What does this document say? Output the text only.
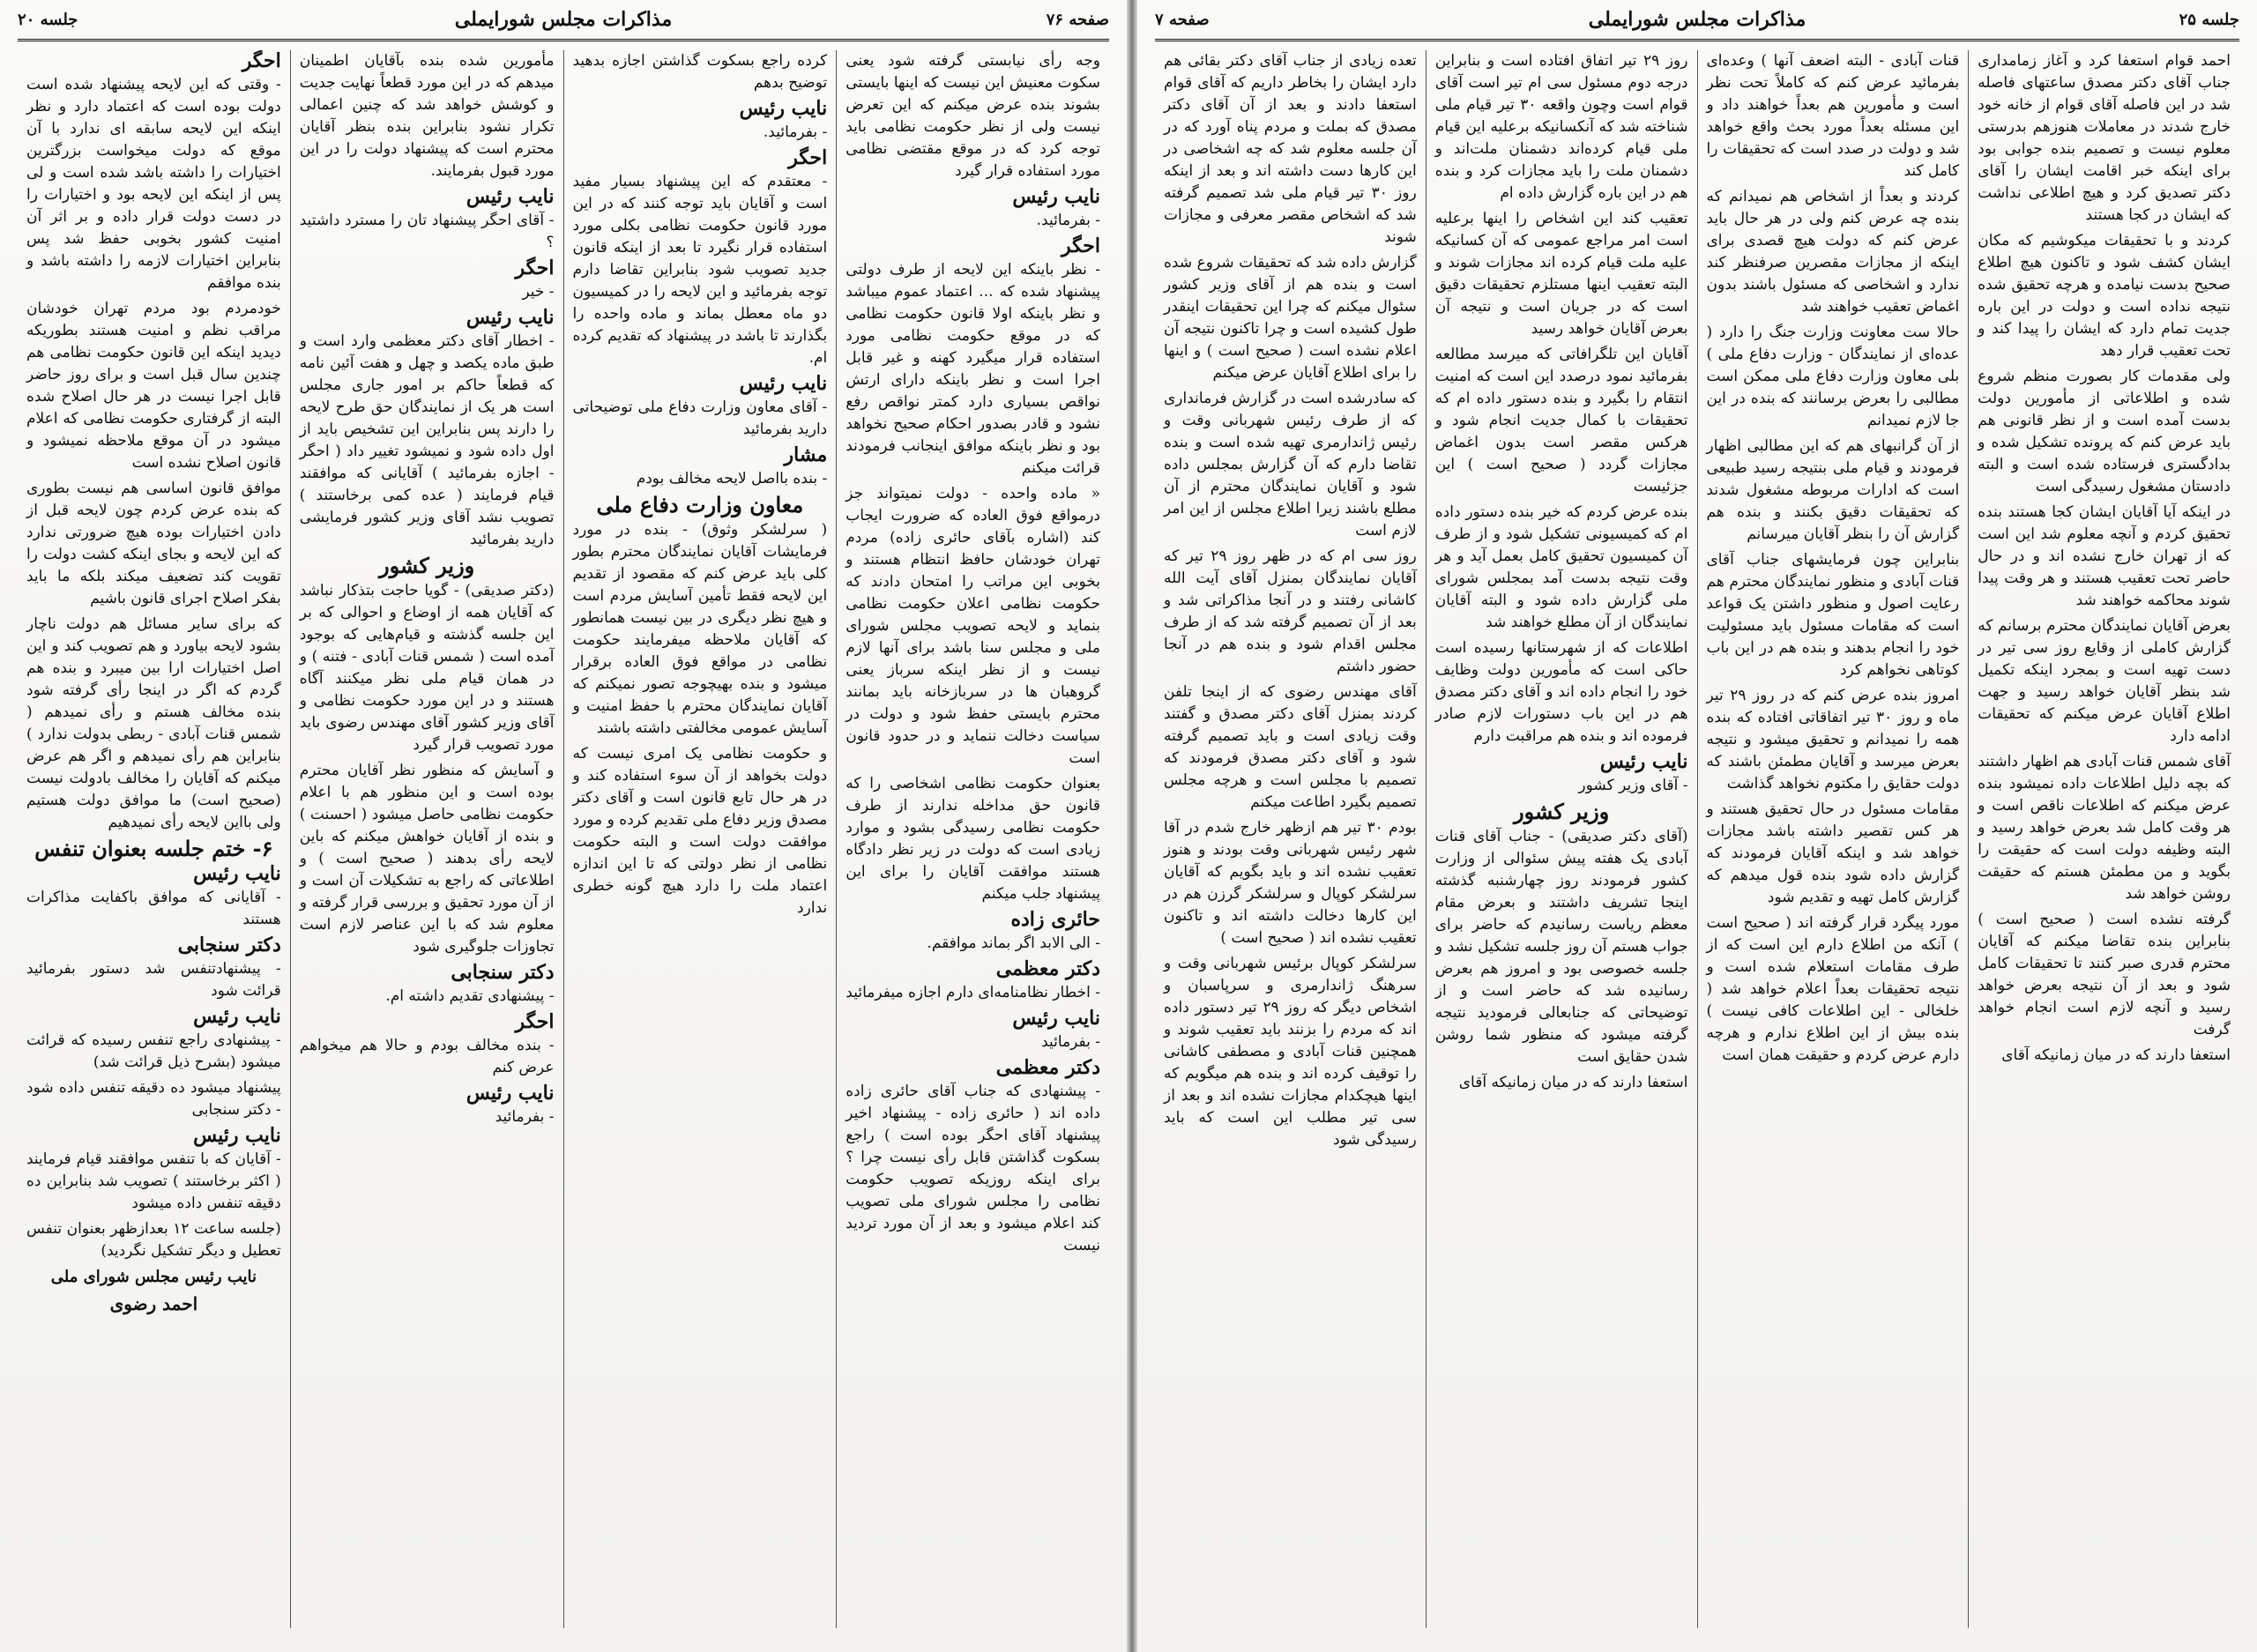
صفحه ۷۶
مذاکرات مجلس شورایملی
جلسه ۲۰

وجه رأی نیابستی گرفته شود یعنی سکوت معنیش این نیست که اینها بایستی بشوند بنده عرض میکنم که این تعرض نیست ولی از نظر حکومت نظامی باید توجه کرد که در موقع مقتضی نظامی مورد استفاده قرار گیرد

نایب رئیس

- بفرمائید.

احگر

- نظر باینکه این لایحه از طرف دولتی پیشنهاد شده که ... اعتماد عموم میباشد و نظر باینکه اولا قانون حکومت نظامی که در موقع حکومت نظامی مورد استفاده قرار میگیرد کهنه و غیر قابل اجرا است و نظر باینکه دارای ارتش نواقص بسیاری دارد کمتر نواقص رفع نشود و قادر بصدور احکام صحیح نخواهد بود و نظر باینکه موافق اینجانب فرمودند قرائت میکنم

« ماده واحده - دولت نمیتواند جز درمواقع فوق العاده که ضرورت ایجاب کند (اشاره بآقای حائری زاده) مردم تهران خودشان حافظ انتظام هستند و بخوبی این مراتب را امتحان دادند که حکومت نظامی اعلان حکومت نظامی بنماید و لایحه تصویب مجلس شورای ملی و مجلس سنا باشد برای آنها لازم نیست و از نظر اینکه سرباز یعنی گروهبان ها در سربازخانه باید بمانند محترم بایستی حفظ شود و دولت در سیاست دخالت ننماید و در حدود قانون است

بعنوان حکومت نظامی اشخاصی را که قانون حق مداخله ندارند از طرف حکومت نظامی رسیدگی بشود و موارد زیادی است که دولت در زیر نظر دادگاه هستند موافقت آقایان را برای این پیشنهاد جلب میکنم

حائری زاده

- الی الابد اگر بماند موافقم.

دکتر معظمی

- اخطار نظامنامه‌ای دارم اجازه میفرمائید

نایب رئیس

- بفرمائید

دکتر معظمی

- پیشنهادی که جناب آقای حائری زاده داده اند ( حائری زاده - پیشنهاد اخیر پیشنهاد آقای احگر بوده است ) راجع بسکوت گذاشتن قابل رأی نیست چرا ؟ برای اینکه روزیکه تصویب حکومت نظامی را مجلس شورای ملی تصویب کند اعلام میشود و بعد از آن مورد تردید نیست

کرده راجع بسکوت گذاشتن اجازه بدهید توضیح بدهم

نایب رئیس

- بفرمائید.

احگر

- معتقدم که این پیشنهاد بسیار مفید است و آقایان باید توجه کنند که در این مورد قانون حکومت نظامی بکلی مورد استفاده قرار نگیرد تا بعد از اینکه قانون جدید تصویب شود بنابراین تقاضا دارم توجه بفرمائید و این لایحه را در کمیسیون دو ماه معطل بماند و ماده واحده را بگذارند تا باشد در پیشنهاد که تقدیم کرده ام.

نایب رئیس

- آقای معاون وزارت دفاع ملی توضیحاتی دارید بفرمائید

مشار

- بنده بااصل لایحه مخالف بودم

معاون وزارت دفاع ملی

( سرلشکر وثوق) - بنده در مورد فرمایشات آقایان نمایندگان محترم بطور کلی باید عرض کنم که مقصود از تقدیم این لایحه فقط تأمین آسایش مردم است و هیچ نظر دیگری در بین نیست همانطور که آقایان ملاحظه میفرمایند حکومت نظامی در مواقع فوق العاده برقرار میشود و بنده بهیچوجه تصور نمیکنم که آقایان نمایندگان محترم با حفظ امنیت و آسایش عمومی مخالفتی داشته باشند

و حکومت نظامی یک امری نیست که دولت بخواهد از آن سوء استفاده کند و در هر حال تابع قانون است و آقای دکتر مصدق وزیر دفاع ملی تقدیم کرده و مورد موافقت دولت است و البته حکومت نظامی از نظر دولتی که تا این اندازه اعتماد ملت را دارد هیچ گونه خطری ندارد

مأمورین شده بنده بآقایان اطمینان میدهم که در این مورد قطعاً نهایت جدیت و کوشش خواهد شد که چنین اعمالی تکرار نشود بنابراین بنده بنظر آقایان محترم است که پیشنهاد دولت را در این مورد قبول بفرمایند.

نایب رئیس

- آقای احگر پیشنهاد تان را مسترد داشتید ؟

احگر

- خیر

نایب رئیس

- اخطار آقای دکتر معظمی وارد است و طبق ماده یکصد و چهل و هفت آئین نامه که قطعاً حاکم بر امور جاری مجلس است هر یک از نمایندگان حق طرح لایحه را دارند پس بنابراین این تشخیص باید از اول داده شود و نمیشود تغییر داد ( احگر - اجازه بفرمائید ) آقایانی که موافقند قیام فرمایند ( عده کمی برخاستند ) تصویب نشد آقای وزیر کشور فرمایشی دارید بفرمائید

وزیر کشور

(دکتر صدیقی) - گویا حاجت بتذکار نباشد که آقایان همه از اوضاع و احوالی که بر این جلسه گذشته و قیام‌هایی که بوجود آمده است ( شمس قنات آبادی - فتنه ) و در همان قیام ملی نظر میکنند آگاه هستند و در این مورد حکومت نظامی و آقای وزیر کشور آقای مهندس رضوی باید مورد تصویب قرار گیرد

و آسایش که منظور نظر آقایان محترم بوده است و این منظور هم با اعلام حکومت نظامی حاصل میشود ( احسنت ) و بنده از آقایان خواهش میکنم که باین لایحه رأی بدهند ( صحیح است ) و اطلاعاتی که راجع به تشکیلات آن است و از آن مورد تحقیق و بررسی قرار گرفته و معلوم شد که با این عناصر لازم است تجاوزات جلوگیری شود

دکتر سنجابی

- پیشنهادی تقدیم داشته ام.

احگر

- بنده مخالف بودم و حالا هم میخواهم عرض کنم

نایب رئیس

- بفرمائید

احگر

- وقتی که این لایحه پیشنهاد شده است دولت بوده است که اعتماد دارد و نظر اینکه این لایحه سابقه ای ندارد با آن موقع که دولت میخواست بزرگترین اختیارات را داشته باشد شده است و لی پس از اینکه این لایحه بود و اختیارات را در دست دولت قرار داده و بر اثر آن امنیت کشور بخوبی حفظ شد پس بنابراین اختیارات لازمه را داشته باشد و بنده موافقم

خودمردم بود مردم تهران خودشان مراقب نظم و امنیت هستند بطوریکه دیدید اینکه این قانون حکومت نظامی هم چندین سال قبل است و برای روز حاضر قابل اجرا نیست در هر حال اصلاح شده البته از گرفتاری حکومت نظامی که اعلام میشود در آن موقع ملاحظه نمیشود و قانون اصلاح نشده است

موافق قانون اساسی هم نیست بطوری که بنده عرض کردم چون لایحه قبل از دادن اختیارات بوده هیچ ضرورتی ندارد که این لایحه و بجای اینکه کشت دولت را تقویت کند تضعیف میکند بلکه ما باید بفکر اصلاح اجرای قانون باشیم

که برای سایر مسائل هم دولت ناچار بشود لایحه بیاورد و هم تصویب کند و این اصل اختیارات ارا بین میبرد و بنده هم گردم که اگر در اینجا رأی گرفته شود بنده مخالف هستم و رأی نمیدهم ( شمس قنات آبادی - ربطی بدولت ندارد ) بنابراین هم رأی نمیدهم و اگر هم عرض میکنم که آقایان را مخالف بادولت نیست (صحیح است) ما موافق دولت هستیم ولی بااین لایحه رأی نمیدهیم

۶- ختم جلسه بعنوان تنفس
نایب رئیس

- آقایانی که موافق باکفایت مذاکرات هستند

دکتر سنجابی

- پیشنهادتنفس شد دستور بفرمائید قرائت شود

نایب رئیس

- پیشنهادی راجع تنفس رسیده که قرائت میشود (بشرح ذیل قرائت شد)

پیشنهاد میشود ده دقیقه تنفس داده شود - دکتر سنجابی

نایب رئیس

- آقایان که با تنفس موافقند قیام فرمایند ( اکثر برخاستند ) تصویب شد بنابراین ده دقیقه تنفس داده میشود

(جلسه ساعت ۱۲ بعدازظهر بعنوان تنفس تعطیل و دیگر تشکیل نگردید)

نایب رئیس مجلس شورای ملی
احمد رضوی
جلسه ۲۵
مذاکرات مجلس شورایملی
صفحه ۷

احمد قوام استعفا کرد و آغاز زمامداری جناب آقای دکتر مصدق ساعتهای فاصله شد در این فاصله آقای قوام از خانه خود خارج شدند در معاملات هنوزهم بدرستی معلوم نیست و تصمیم بنده جوابی بود برای اینکه خبر اقامت ایشان را آقای دکتر تصدیق کرد و هیچ اطلاعی نداشت که ایشان در کجا هستند

کردند و با تحقیقات میکوشیم که مکان ایشان کشف شود و تاکنون هیچ اطلاع صحیح بدست نیامده و هرچه تحقیق شده نتیجه نداده است و دولت در این باره جدیت تمام دارد که ایشان را پیدا کند و تحت تعقیب قرار دهد

ولی مقدمات کار بصورت منظم شروع شده و اطلاعاتی از مأمورین دولت بدست آمده است و از نظر قانونی هم باید عرض کنم که پرونده تشکیل شده و بدادگستری فرستاده شده است و البته دادستان مشغول رسیدگی است

در اینکه آیا آقایان ایشان کجا هستند بنده تحقیق کردم و آنچه معلوم شد این است که از تهران خارج نشده اند و در حال حاضر تحت تعقیب هستند و هر وقت پیدا شوند محاکمه خواهند شد

بعرض آقایان نمایندگان محترم برسانم که گزارش کاملی از وقایع روز سی تیر در دست تهیه است و بمجرد اینکه تکمیل شد بنظر آقایان خواهد رسید و جهت اطلاع آقایان عرض میکنم که تحقیقات ادامه دارد

آقای شمس قنات آبادی هم اظهار داشتند که بچه دلیل اطلاعات داده نمیشود بنده عرض میکنم که اطلاعات ناقص است و هر وقت کامل شد بعرض خواهد رسید و البته وظیفه دولت است که حقیقت را بگوید و من مطمئن هستم که حقیقت روشن خواهد شد

گرفته نشده است ( صحیح است ) بنابراین بنده تقاضا میکنم که آقایان محترم قدری صبر کنند تا تحقیقات کامل شود و بعد از آن نتیجه بعرض خواهد رسید و آنچه لازم است انجام خواهد گرفت

استعفا دارند که در میان زمانیکه آقای

قنات آبادی - البته اضعف آنها ) وعده‌ای بفرمائید عرض کنم که کاملاً تحت نظر است و مأمورین هم بعداً خواهند داد و این مسئله بعداً مورد بحث واقع خواهد شد و دولت در صدد است که تحقیقات را کامل کند

کردند و بعداً از اشخاص هم نمیدانم که بنده چه عرض کنم ولی در هر حال باید عرض کنم که دولت هیچ قصدی برای اینکه از مجازات مقصرین صرفنظر کند ندارد و اشخاصی که مسئول باشند بدون اغماض تعقیب خواهند شد

حالا ست معاونت وزارت جنگ را دارد ( عده‌ای از نمایندگان - وزارت دفاع ملی ) بلی معاون وزارت دفاع ملی ممکن است مطالبی را بعرض برسانند که بنده در این جا لازم نمیدانم

از آن گرانبهای هم که این مطالبی اظهار فرمودند و قیام ملی بنتیجه رسید طبیعی است که ادارات مربوطه مشغول شدند که تحقیقات دقیق بکنند و بنده هم گزارش آن را بنظر آقایان میرسانم

بنابراین چون فرمایشهای جناب آقای قنات آبادی و منظور نمایندگان محترم هم رعایت اصول و منظور داشتن یک قواعد است که مقامات مسئول باید مسئولیت خود را انجام بدهند و بنده هم در این باب کوتاهی نخواهم کرد

امروز بنده عرض کنم که در روز ۲۹ تیر ماه و روز ۳۰ تیر اتفاقاتی افتاده که بنده همه را نمیدانم و تحقیق میشود و نتیجه بعرض میرسد و آقایان مطمئن باشند که دولت حقایق را مکتوم نخواهد گذاشت

مقامات مسئول در حال تحقیق هستند و هر کس تقصیر داشته باشد مجازات خواهد شد و اینکه آقایان فرمودند که گزارش داده شود بنده قول میدهم که گزارش کامل تهیه و تقدیم شود

مورد پیگرد قرار گرفته اند ( صحیح است ) آنکه من اطلاع دارم این است که از طرف مقامات استعلام شده است و نتیجه تحقیقات بعداً اعلام خواهد شد ( خلخالی - این اطلاعات کافی نیست ) بنده بیش از این اطلاع ندارم و هرچه دارم عرض کردم و حقیقت همان است

روز ۲۹ تیر اتفاق افتاده است و بنابراین درجه دوم مسئول سی ام تیر است آقای قوام است وچون واقعه ۳۰ تیر قیام ملی شناخته شد که آنکسانیکه برعلیه این قیام ملی قیام کرده‌اند دشمنان ملت‌اند و دشمنان ملت را باید مجازات کرد و بنده هم در این باره گزارش داده ام

تعقیب کند این اشخاص را اینها برعلیه است امر مراجع عمومی که آن کسانیکه علیه ملت قیام کرده اند مجازات شوند و البته تعقیب اینها مستلزم تحقیقات دقیق است که در جریان است و نتیجه آن بعرض آقایان خواهد رسید

آقایان این تلگرافاتی که میرسد مطالعه بفرمائید نمود درصدد این است که امنیت انتقام را بگیرد و بنده دستور داده ام که تحقیقات با کمال جدیت انجام شود و هرکس مقصر است بدون اغماض مجازات گردد ( صحیح است ) این جزئیست

بنده عرض کردم که خیر بنده دستور داده ام که کمیسیونی تشکیل شود و از طرف آن کمیسیون تحقیق کامل بعمل آید و هر وقت نتیجه بدست آمد بمجلس شورای ملی گزارش داده شود و البته آقایان نمایندگان از آن مطلع خواهند شد

اطلاعات که از شهرستانها رسیده است حاکی است که مأمورین دولت وظایف خود را انجام داده اند و آقای دکتر مصدق هم در این باب دستورات لازم صادر فرموده اند و بنده هم مراقبت دارم

نایب رئیس

- آقای وزیر کشور

وزیر کشور

(آقای دکتر صدیقی) - جناب آقای قنات آبادی یک هفته پیش سئوالی از وزارت کشور فرمودند روز چهارشنبه گذشته اینجا تشریف داشتند و بعرض مقام معظم ریاست رسانیدم که حاضر برای جواب هستم آن روز جلسه تشکیل نشد و جلسه خصوصی بود و امروز هم بعرض رسانیده شد که حاضر است و از توضیحاتی که جنابعالی فرمودید نتیجه گرفته میشود که منظور شما روشن شدن حقایق است

استعفا دارند که در میان زمانیکه آقای

تعده زیادی از جناب آقای دکتر بقائی هم دارد ایشان را بخاطر داریم که آقای قوام استعفا دادند و بعد از آن آقای دکتر مصدق که بملت و مردم پناه آورد که در آن جلسه معلوم شد که چه اشخاصی در این کارها دست داشته اند و بعد از اینکه روز ۳۰ تیر قیام ملی شد تصمیم گرفته شد که اشخاص مقصر معرفی و مجازات شوند

گزارش داده شد که تحقیقات شروع شده است و بنده هم از آقای وزیر کشور سئوال میکنم که چرا این تحقیقات اینقدر طول کشیده است و چرا تاکنون نتیجه آن اعلام نشده است ( صحیح است ) و اینها را برای اطلاع آقایان عرض میکنم

که سادرشده است در گزارش فرمانداری که از طرف رئیس شهربانی وقت و رئیس ژاندارمری تهیه شده است و بنده تقاضا دارم که آن گزارش بمجلس داده شود و آقایان نمایندگان محترم از آن مطلع باشند زیرا اطلاع مجلس از این امر لازم است

روز سی ام که در ظهر روز ۲۹ تیر که آقایان نمایندگان بمنزل آقای آیت الله کاشانی رفتند و در آنجا مذاکراتی شد و بعد از آن تصمیم گرفته شد که از طرف مجلس اقدام شود و بنده هم در آنجا حضور داشتم

آقای مهندس رضوی که از اینجا تلفن کردند بمنزل آقای دکتر مصدق و گفتند وقت زیادی است و باید تصمیم گرفته شود و آقای دکتر مصدق فرمودند که تصمیم با مجلس است و هرچه مجلس تصمیم بگیرد اطاعت میکنم

بودم ۳۰ تیر هم ازظهر خارج شدم در آقا شهر رئیس شهربانی وقت بودند و هنوز تعقیب نشده اند و باید بگویم که آقایان سرلشکر کوپال و سرلشکر گرزن هم در این کارها دخالت داشته اند و تاکنون تعقیب نشده اند ( صحیح است )

سرلشکر کوپال برئیس شهربانی وقت و سرهنگ ژاندارمری و سرپاسبان و اشخاص دیگر که روز ۲۹ تیر دستور داده اند که مردم را بزنند باید تعقیب شوند و همچنین قنات آبادی و مصطفی کاشانی را توقیف کرده اند و بنده هم میگویم که اینها هیچکدام مجازات نشده اند و بعد از سی تیر مطلب این است که باید رسیدگی شود
